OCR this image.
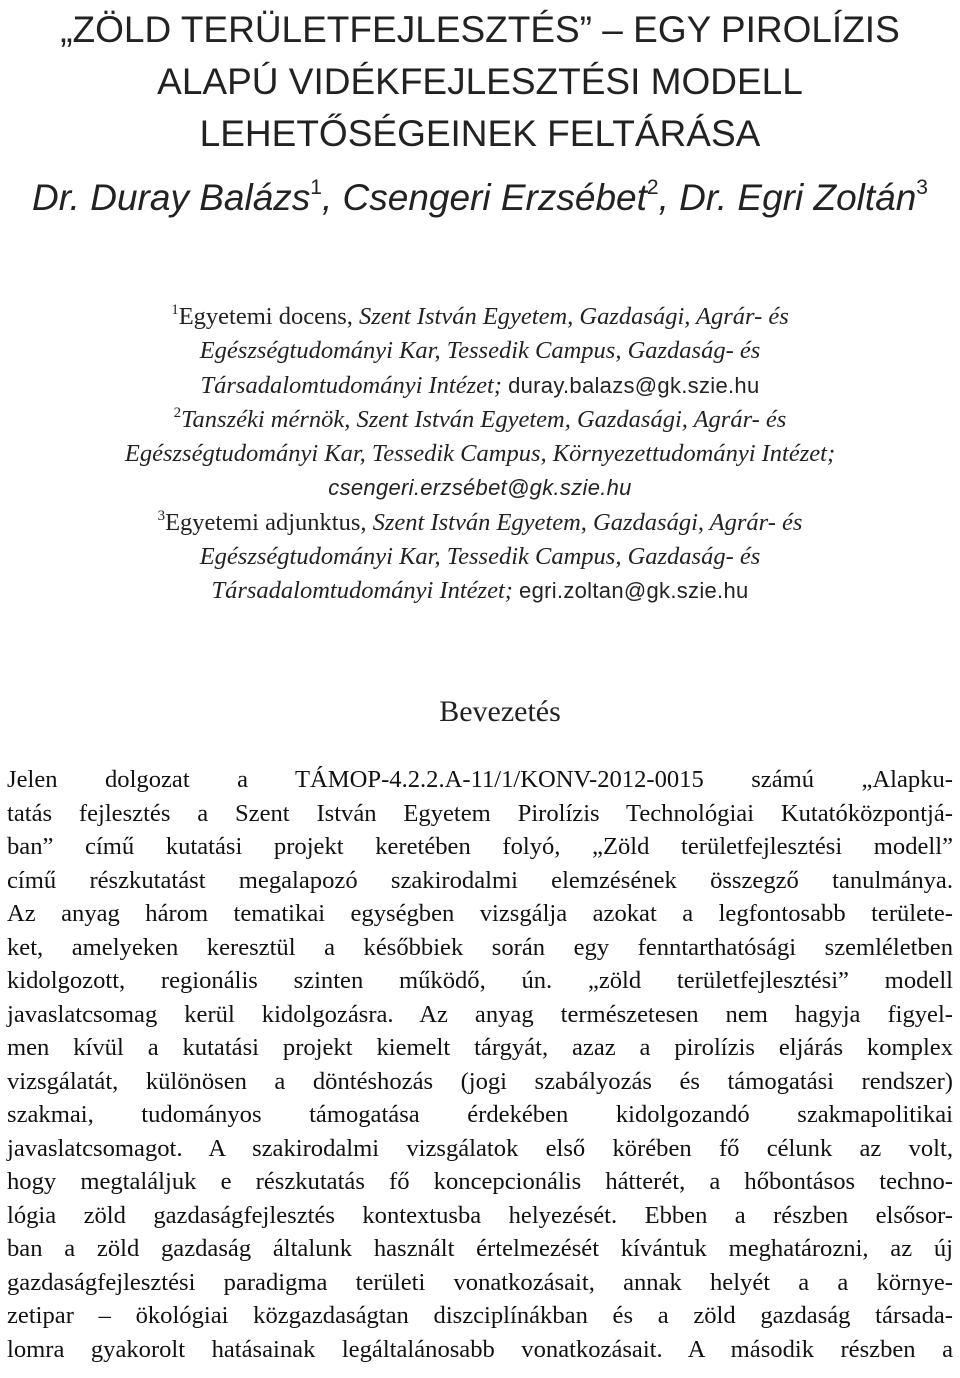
„ZÖLD TERÜLETFEJLESZTÉS” – EGY PIROLÍZIS
ALAPÚ VIDÉKFEJLESZTÉSI MODELL
LEHETŐSÉGEINEK FELTÁRÁSA
Dr. Duray Balázs$^1$, Csengeri Erzsébet$^2$, Dr. Egri Zoltán$^3$
$^1$Egyetemi docens, Szent István Egyetem, Gazdasági, Agrár- és
Egészségtudományi Kar, Tessedik Campus, Gazdaság- és
Társadalomtudományi Intézet; duray.balazs@gk.szie.hu
$^2$Tanszéki mérnök, Szent István Egyetem, Gazdasági, Agrár- és
Egészségtudományi Kar, Tessedik Campus, Környezettudományi Intézet;
csengeri.erzsébet@gk.szie.hu
$^3$Egyetemi adjunktus, Szent István Egyetem, Gazdasági, Agrár- és
Egészségtudományi Kar, Tessedik Campus, Gazdaság- és
Társadalomtudományi Intézet; egri.zoltan@gk.szie.hu
Bevezetés
Jelen dolgozat a TÁMOP-4.2.2.A-11/1/KONV-2012-0015 számú „Alapku-
tatás fejlesztés a Szent István Egyetem Pirolízis Technológiai Kutatóközpontjá-
ban” című kutatási projekt keretében folyó, „Zöld területfejlesztési modell”
című részkutatást megalapozó szakirodalmi elemzésének összegző tanulmánya.
Az anyag három tematikai egységben vizsgálja azokat a legfontosabb területe-
ket, amelyeken keresztül a későbbiek során egy fenntarthatósági szemléletben
kidolgozott, regionális szinten működő, ún. „zöld területfejlesztési” modell
javaslatcsomag kerül kidolgozásra. Az anyag természetesen nem hagyja figyel-
men kívül a kutatási projekt kiemelt tárgyát, azaz a pirolízis eljárás komplex
vizsgálatát, különösen a döntéshozás (jogi szabályozás és támogatási rendszer)
szakmai, tudományos támogatása érdekében kidolgozandó szakmapolitikai
javaslatcsomagot. A szakirodalmi vizsgálatok első körében fő célunk az volt,
hogy megtaláljuk e részkutatás fő koncepcionális hátterét, a hőbontásos techno-
lógia zöld gazdaságfejlesztés kontextusba helyezését. Ebben a részben elsősor-
ban a zöld gazdaság általunk használt értelmezését kívántuk meghatározni, az új
gazdaságfejlesztési paradigma területi vonatkozásait, annak helyét a a környe-
zetipar – ökológiai közgazdaságtan diszciplínákban és a zöld gazdaság társada-
lomra gyakorolt hatásainak legáltalánosabb vonatkozásait. A második részben a
